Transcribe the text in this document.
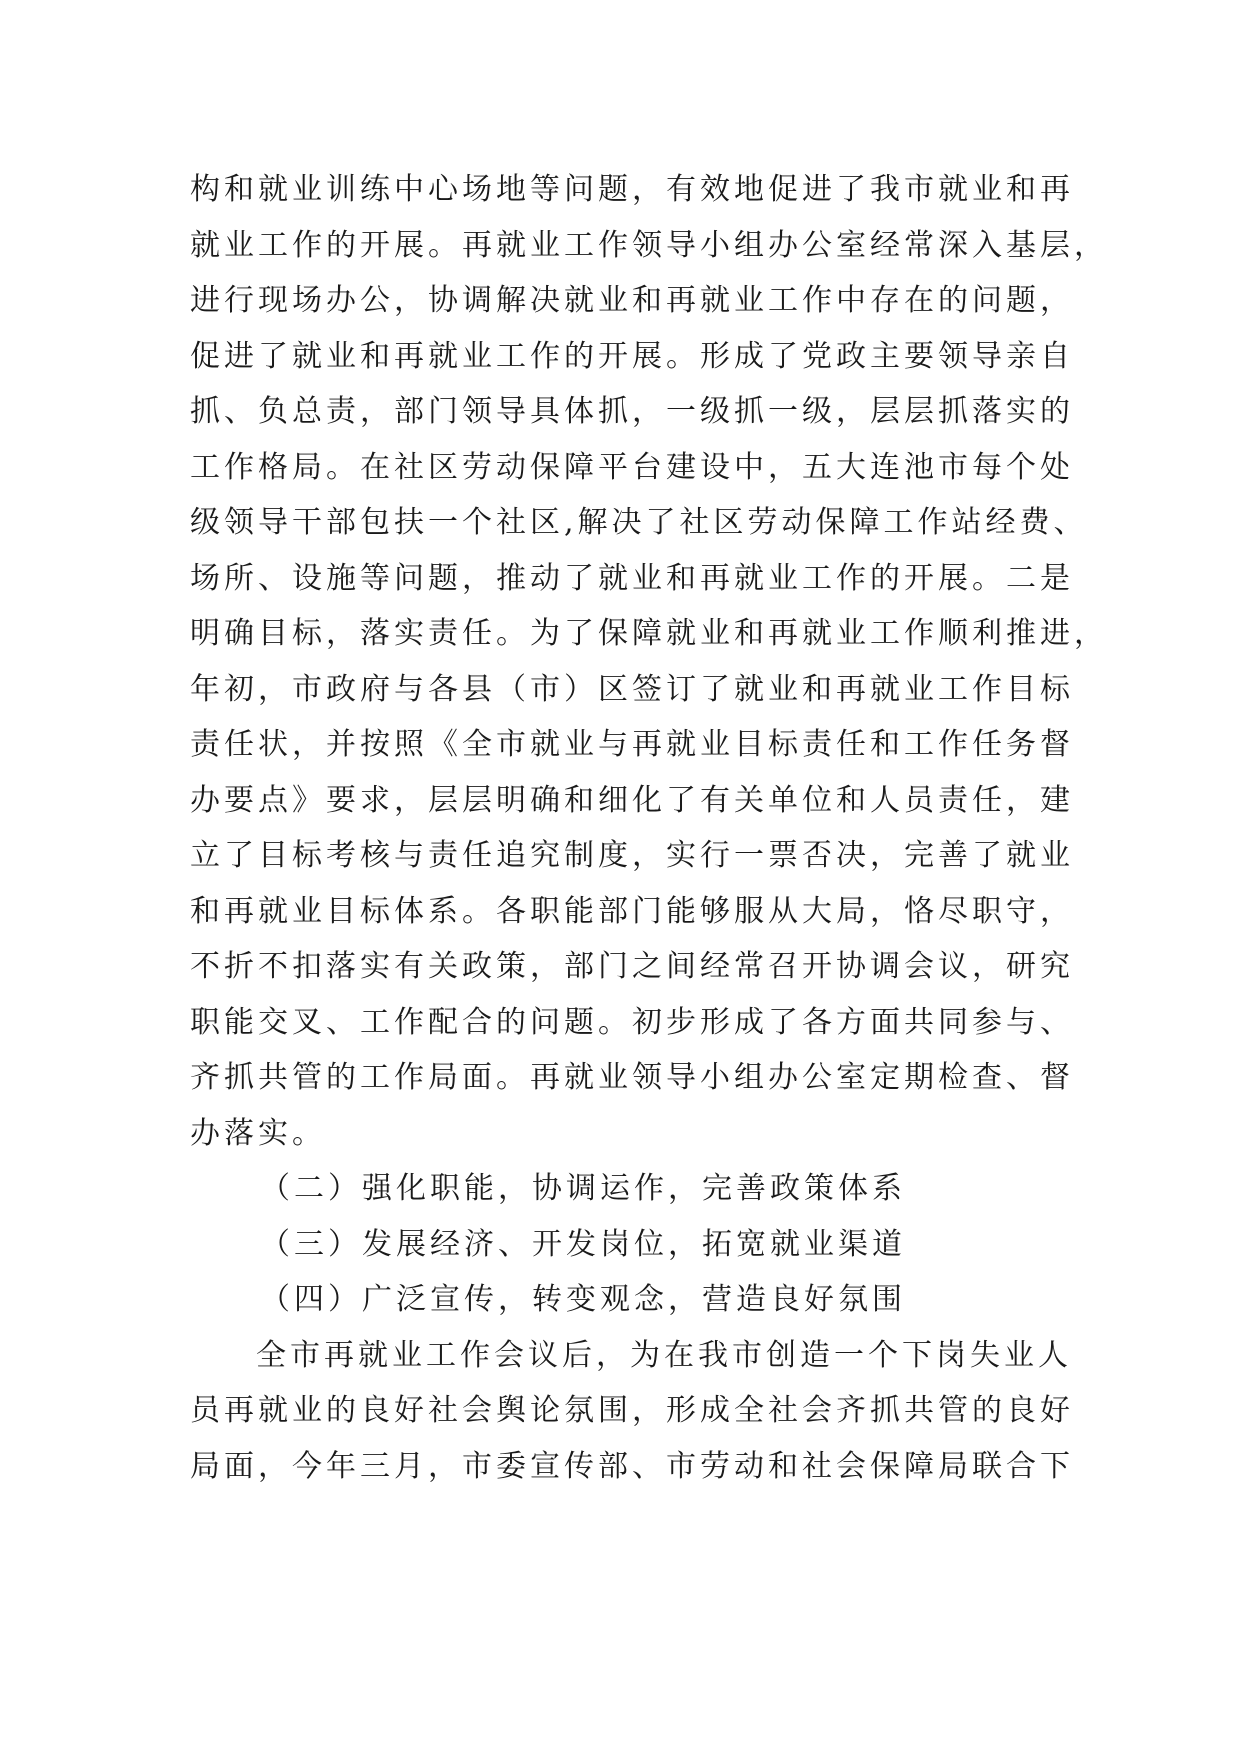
构和就业训练中心场地等问题，有效地促进了我市就业和再
就业工作的开展。再就业工作领导小组办公室经常深入基层，
进行现场办公，协调解决就业和再就业工作中存在的问题，
促进了就业和再就业工作的开展。形成了党政主要领导亲自
抓、负总责，部门领导具体抓，一级抓一级，层层抓落实的
工作格局。在社区劳动保障平台建设中，五大连池市每个处
级领导干部包扶一个社区,解决了社区劳动保障工作站经费、
场所、设施等问题，推动了就业和再就业工作的开展。二是
明确目标，落实责任。为了保障就业和再就业工作顺利推进，
年初，市政府与各县（市）区签订了就业和再就业工作目标
责任状，并按照《全市就业与再就业目标责任和工作任务督
办要点》要求，层层明确和细化了有关单位和人员责任，建
立了目标考核与责任追究制度，实行一票否决，完善了就业
和再就业目标体系。各职能部门能够服从大局，恪尽职守，
不折不扣落实有关政策，部门之间经常召开协调会议，研究
职能交叉、工作配合的问题。初步形成了各方面共同参与、
齐抓共管的工作局面。再就业领导小组办公室定期检查、督
办落实。
（二）强化职能，协调运作，完善政策体系
（三）发展经济、开发岗位，拓宽就业渠道
（四）广泛宣传，转变观念，营造良好氛围
全市再就业工作会议后，为在我市创造一个下岗失业人
员再就业的良好社会舆论氛围，形成全社会齐抓共管的良好
局面，今年三月，市委宣传部、市劳动和社会保障局联合下
